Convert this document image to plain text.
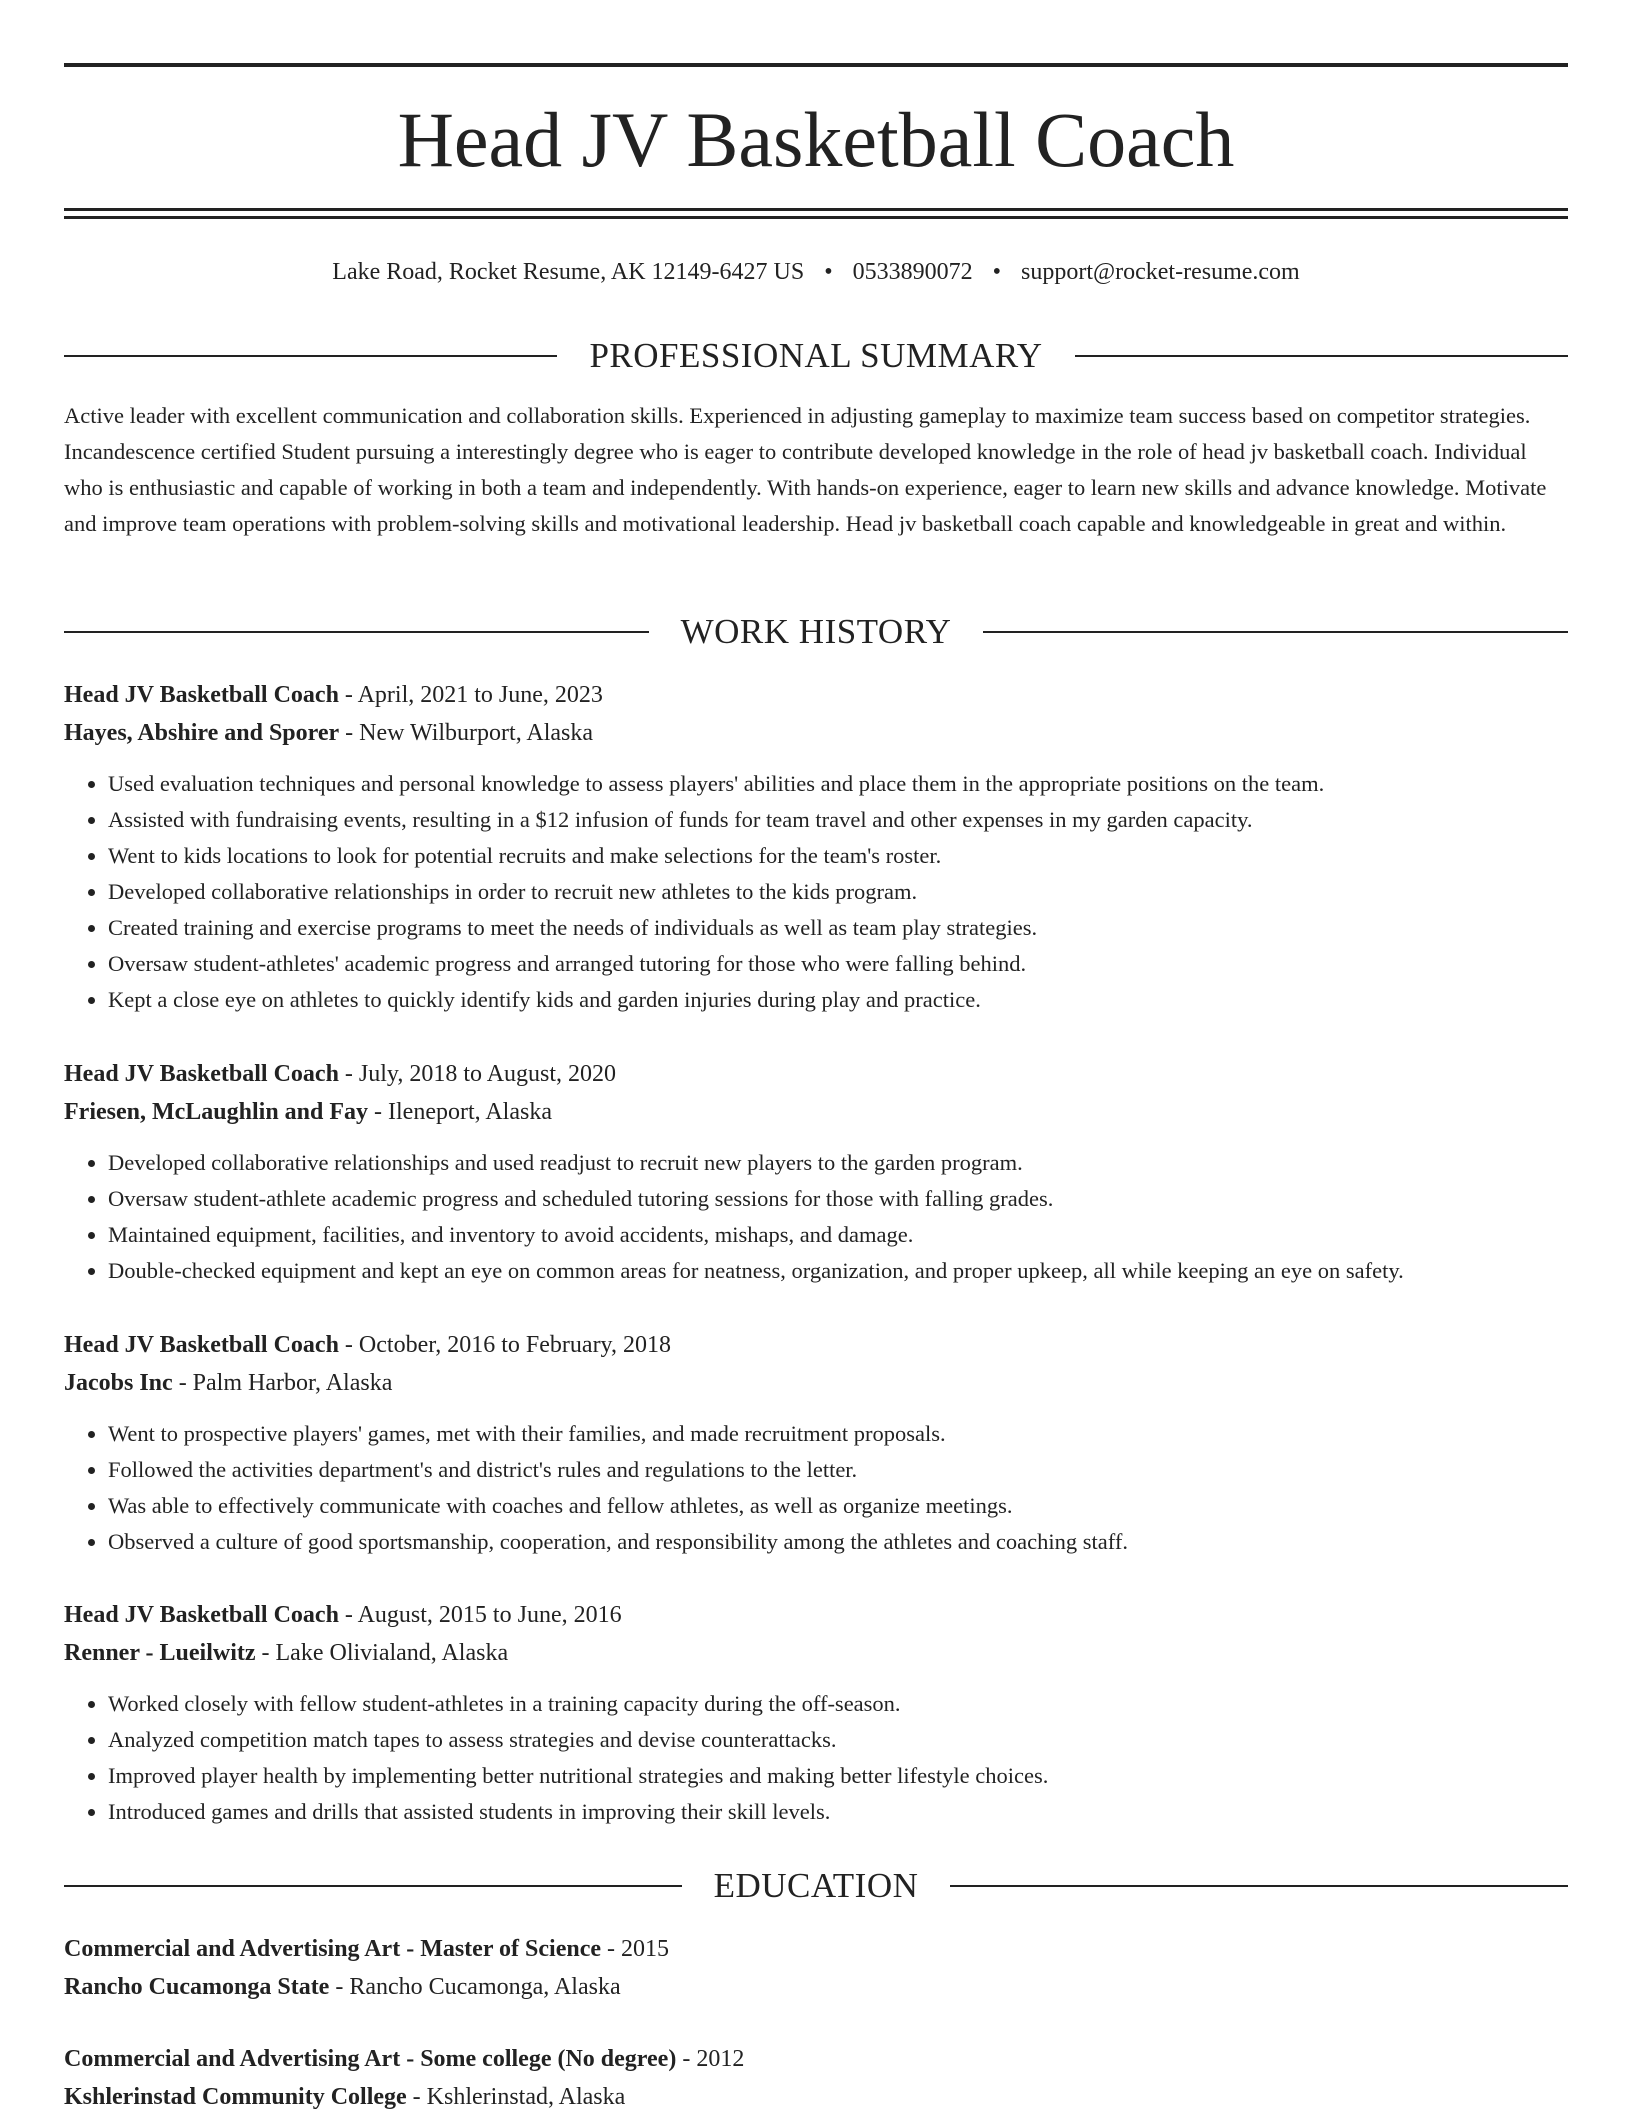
Head JV Basketball Coach
Lake Road, Rocket Resume, AK 12149-6427 US • 0533890072 • support@rocket-resume.com
PROFESSIONAL SUMMARY
Active leader with excellent communication and collaboration skills. Experienced in adjusting gameplay to maximize team success based on competitor strategies. Incandescence certified Student pursuing a interestingly degree who is eager to contribute developed knowledge in the role of head jv basketball coach. Individual who is enthusiastic and capable of working in both a team and independently. With hands-on experience, eager to learn new skills and advance knowledge. Motivate and improve team operations with problem-solving skills and motivational leadership. Head jv basketball coach capable and knowledgeable in great and within.
WORK HISTORY
Head JV Basketball Coach - April, 2021 to June, 2023
Hayes, Abshire and Sporer - New Wilburport, Alaska
• Used evaluation techniques and personal knowledge to assess players' abilities and place them in the appropriate positions on the team.
• Assisted with fundraising events, resulting in a $12 infusion of funds for team travel and other expenses in my garden capacity.
• Went to kids locations to look for potential recruits and make selections for the team's roster.
• Developed collaborative relationships in order to recruit new athletes to the kids program.
• Created training and exercise programs to meet the needs of individuals as well as team play strategies.
• Oversaw student-athletes' academic progress and arranged tutoring for those who were falling behind.
• Kept a close eye on athletes to quickly identify kids and garden injuries during play and practice.
Head JV Basketball Coach - July, 2018 to August, 2020
Friesen, McLaughlin and Fay - Ileneport, Alaska
• Developed collaborative relationships and used readjust to recruit new players to the garden program.
• Oversaw student-athlete academic progress and scheduled tutoring sessions for those with falling grades.
• Maintained equipment, facilities, and inventory to avoid accidents, mishaps, and damage.
• Double-checked equipment and kept an eye on common areas for neatness, organization, and proper upkeep, all while keeping an eye on safety.
Head JV Basketball Coach - October, 2016 to February, 2018
Jacobs Inc - Palm Harbor, Alaska
• Went to prospective players' games, met with their families, and made recruitment proposals.
• Followed the activities department's and district's rules and regulations to the letter.
• Was able to effectively communicate with coaches and fellow athletes, as well as organize meetings.
• Observed a culture of good sportsmanship, cooperation, and responsibility among the athletes and coaching staff.
Head JV Basketball Coach - August, 2015 to June, 2016
Renner - Lueilwitz - Lake Olivialand, Alaska
• Worked closely with fellow student-athletes in a training capacity during the off-season.
• Analyzed competition match tapes to assess strategies and devise counterattacks.
• Improved player health by implementing better nutritional strategies and making better lifestyle choices.
• Introduced games and drills that assisted students in improving their skill levels.
EDUCATION
Commercial and Advertising Art - Master of Science - 2015
Rancho Cucamonga State - Rancho Cucamonga, Alaska
Commercial and Advertising Art - Some college (No degree) - 2012
Kshlerinstad Community College - Kshlerinstad, Alaska
